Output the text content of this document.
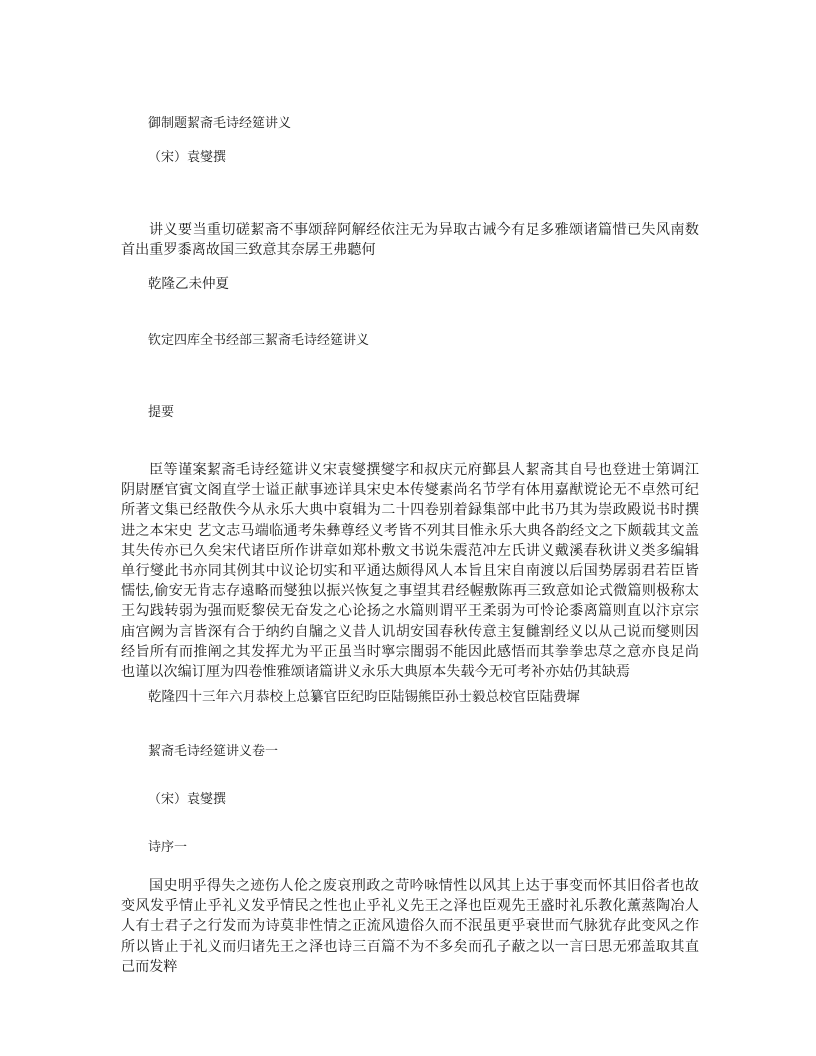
御制题絜斋毛诗经筵讲义
（宋）袁燮撰
讲义要当重切磋絜斋不事颂辞阿解经依注无为异取古诫今有足多雅颂诸篇惜已失风南数首出重罗黍离故国三致意其奈孱王弗聽何
乾隆乙未仲夏
钦定四库全书经部三絜斋毛诗经筵讲义
提要
臣等谨案絜斋毛诗经筵讲义宋袁燮撰燮字和叔庆元府鄞县人絜斋其自号也登进士第调江阴尉歷官賓文阁直学士谥正献事迹详具宋史本传燮素尚名节学有体用嘉猷谠论无不卓然可纪所著文集已经散佚今从永乐大典中裒辑为二十四卷别着録集部中此书乃其为崇政殿说书时撰进之本宋史 艺文志马端临通考朱彝尊经义考皆不列其目惟永乐大典各韵经文之下颇载其文盖其失传亦已久矣宋代诸臣所作讲章如郑朴敷文书说朱震范冲左氏讲义戴溪春秋讲义类多编辑单行燮此书亦同其例其中议论切实和平通达颇得风人本旨且宋自南渡以后国势孱弱君若臣皆懦怯,偷安无肯志存遠略而燮独以振兴恢复之事望其君经幄敷陈再三致意如论式微篇则极称太王勾践转弱为强而贬黎侯无奋发之心论扬之水篇则谓平王柔弱为可怜论黍离篇则直以汴京宗庙宫阙为言皆深有合于纳约自牖之义昔人讥胡安国春秋传意主复雠割经义以从己说而燮则因经旨所有而推阐之其发挥尤为平正虽当时寧宗闇弱不能因此感悟而其拳拳忠荩之意亦良足尚也谨以次编订厘为四卷惟雅颂诸篇讲义永乐大典原本失载今无可考补亦姑仍其缺焉
乾隆四十三年六月恭校上总纂官臣纪昀臣陆锡熊臣孙士毅总校官臣陆费墀
絜斋毛诗经筵讲义卷一
（宋）袁燮撰
诗序一
国史明乎得失之迹伤人伦之废哀刑政之苛吟咏情性以风其上达于事变而怀其旧俗者也故变风发乎情止乎礼义发乎情民之性也止乎礼义先王之泽也臣观先王盛时礼乐教化薰蒸陶冶人人有士君子之行发而为诗莫非性情之正流风遗俗久而不泯虽更乎衰世而气脉犹存此变风之作所以皆止于礼义而归诸先王之泽也诗三百篇不为不多矣而孔子蔽之以一言曰思无邪盖取其直己而发粹
